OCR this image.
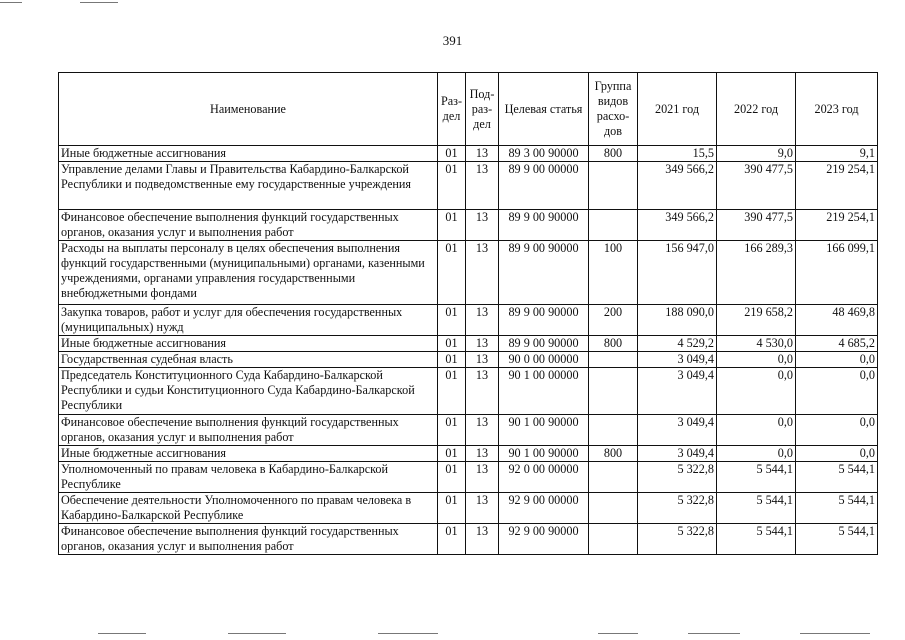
391
Наименование	Раз-дел	Под-раз-дел	Целевая статья	Группа видов расхо-дов	2021 год	2022 год	2023 год
Иные бюджетные ассигнования	01	13	89 3 00 90000	800	15,5	9,0	9,1
Управление делами Главы и Правительства Кабардино-Балкарской Республики и подведомственные ему государственные учреждения	01	13	89 9 00 00000		349 566,2	390 477,5	219 254,1
Финансовое обеспечение выполнения функций государственных органов, оказания услуг и выполнения работ	01	13	89 9 00 90000		349 566,2	390 477,5	219 254,1
Расходы на выплаты персоналу в целях обеспечения выполнения функций государственными (муниципальными) органами, казенными учреждениями, органами управления государственными внебюджетными фондами	01	13	89 9 00 90000	100	156 947,0	166 289,3	166 099,1
Закупка товаров, работ и услуг для обеспечения государственных (муниципальных) нужд	01	13	89 9 00 90000	200	188 090,0	219 658,2	48 469,8
Иные бюджетные ассигнования	01	13	89 9 00 90000	800	4 529,2	4 530,0	4 685,2
Государственная судебная власть	01	13	90 0 00 00000		3 049,4	0,0	0,0
Председатель Конституционного Суда Кабардино-Балкарской Республики и судьи Конституционного Суда Кабардино-Балкарской Республики	01	13	90 1 00 00000		3 049,4	0,0	0,0
Финансовое обеспечение выполнения функций государственных органов, оказания услуг и выполнения работ	01	13	90 1 00 90000		3 049,4	0,0	0,0
Иные бюджетные ассигнования	01	13	90 1 00 90000	800	3 049,4	0,0	0,0
Уполномоченный по правам человека в Кабардино-Балкарской Республике	01	13	92 0 00 00000		5 322,8	5 544,1	5 544,1
Обеспечение деятельности Уполномоченного по правам человека в Кабардино-Балкарской Республике	01	13	92 9 00 00000		5 322,8	5 544,1	5 544,1
Финансовое обеспечение выполнения функций государственных органов, оказания услуг и выполнения работ	01	13	92 9 00 90000		5 322,8	5 544,1	5 544,1
